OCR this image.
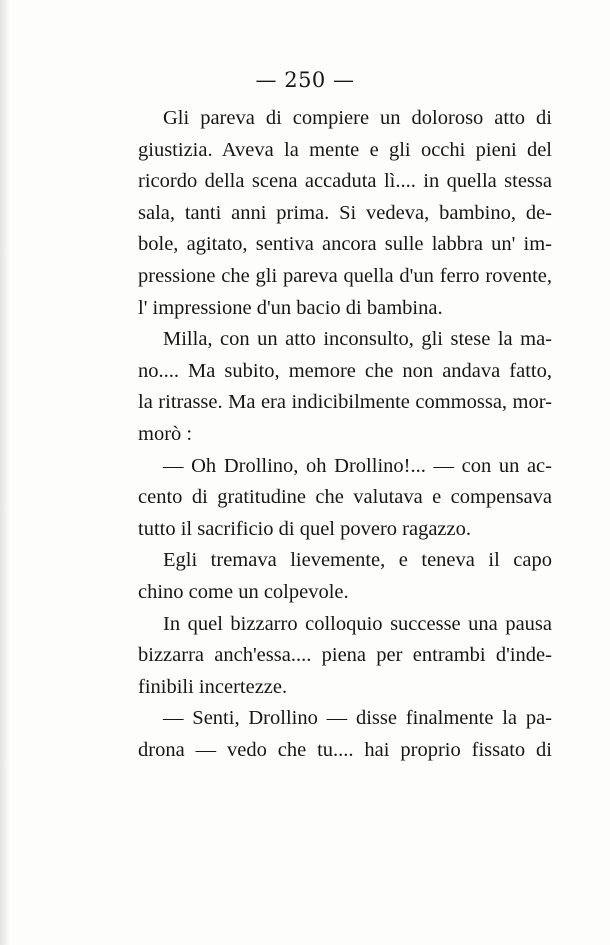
— 250 —
Gli pareva di compiere un doloroso atto di
giustizia. Aveva la mente e gli occhi pieni del
ricordo della scena accaduta lì.... in quella stessa
sala, tanti anni prima. Si vedeva, bambino, de-
bole, agitato, sentiva ancora sulle labbra un' im-
pressione che gli pareva quella d'un ferro rovente,
l' impressione d'un bacio di bambina.
Milla, con un atto inconsulto, gli stese la ma-
no.... Ma subito, memore che non andava fatto,
la ritrasse. Ma era indicibilmente commossa, mor-
morò :
— Oh Drollino, oh Drollino!... — con un ac-
cento di gratitudine che valutava e compensava
tutto il sacrificio di quel povero ragazzo.
Egli tremava lievemente, e teneva il capo
chino come un colpevole.
In quel bizzarro colloquio successe una pausa
bizzarra anch'essa.... piena per entrambi d'inde-
finibili incertezze.
— Senti, Drollino — disse finalmente la pa-
drona — vedo che tu.... hai proprio fissato di
